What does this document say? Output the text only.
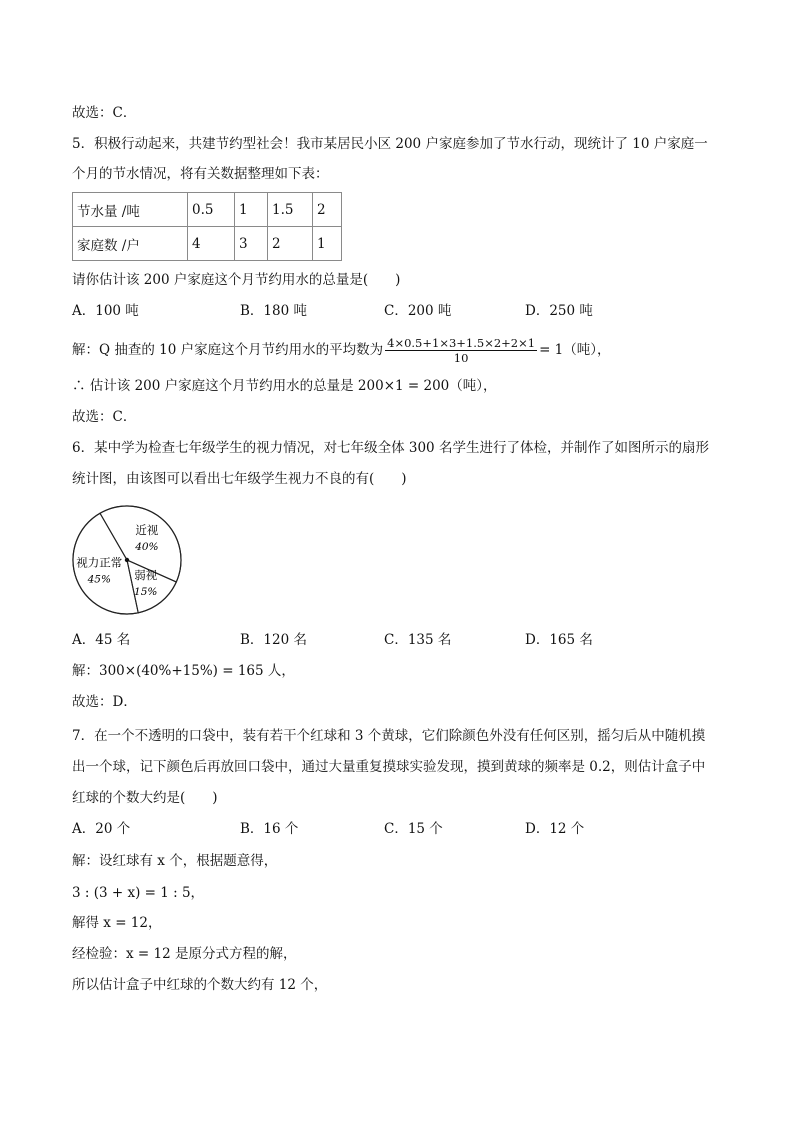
故选：C．
5．积极行动起来，共建节约型社会！我市某居民小区 200 户家庭参加了节水行动，现统计了 10 户家庭一
个月的节水情况，将有关数据整理如下表：
节水量 /吨	0.5	1	1.5	2
家庭数 /户	4	3	2	1
请你估计该 200 户家庭这个月节约用水的总量是(　　)
A．100 吨	B．180 吨	C．200 吨	D．250 吨
解：Q 抽查的 10 户家庭这个月节约用水的平均数为 $\frac{4\times 0.5+1\times 3+1.5\times 2+2\times 1}{10} = 1$（吨），
∴ 估计该 200 户家庭这个月节约用水的总量是 200×1 = 200（吨），
故选：C．
6．某中学为检查七年级学生的视力情况，对七年级全体 300 名学生进行了体检，并制作了如图所示的扇形
统计图，由该图可以看出七年级学生视力不良的有(　　)
近视
40%
弱视
15%
视力正常
45%
A．45 名	B．120 名	C．135 名	D．165 名
解：300×(40%+15%) = 165 人，
故选：D．
7．在一个不透明的口袋中，装有若干个红球和 3 个黄球，它们除颜色外没有任何区别，摇匀后从中随机摸
出一个球，记下颜色后再放回口袋中，通过大量重复摸球实验发现，摸到黄球的频率是 0.2，则估计盒子中
红球的个数大约是(　　)
A．20 个	B．16 个	C．15 个	D．12 个
解：设红球有 x 个，根据题意得，
3 : (3 + x) = 1 : 5，
解得 x = 12，
经检验：x = 12 是原分式方程的解，
所以估计盒子中红球的个数大约有 12 个，
